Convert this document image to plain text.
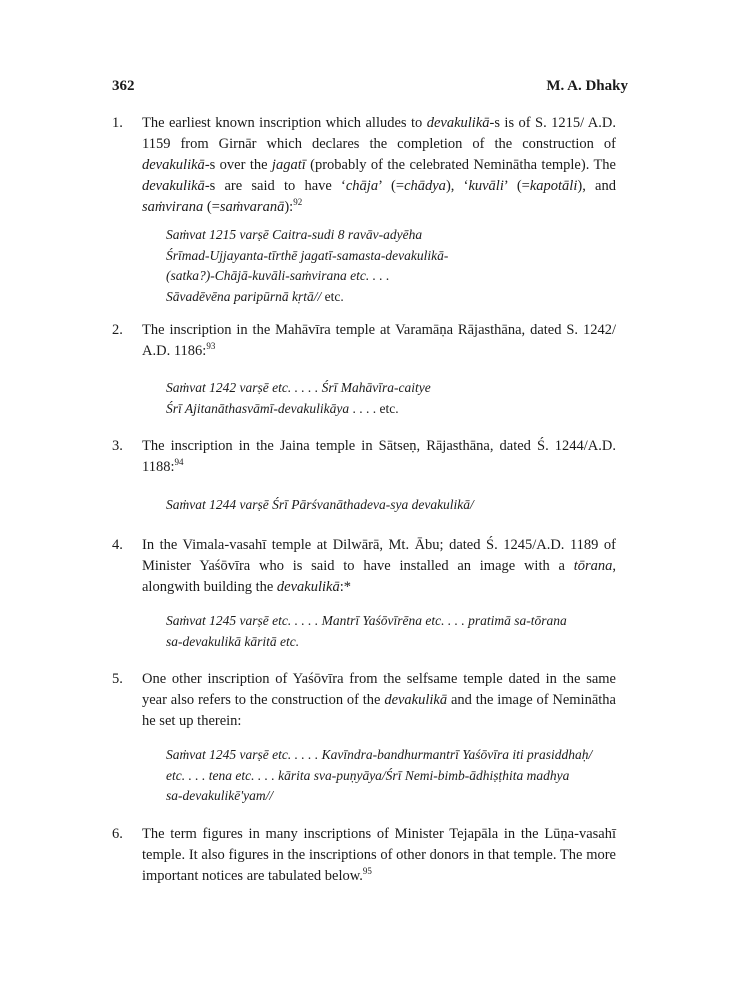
362	M. A. Dhaky
1. The earliest known inscription which alludes to devakulikā-s is of S. 1215/ A.D. 1159 from Girnār which declares the completion of the construction of devakulikā-s over the jagatī (probably of the celebrated Nemināthа temple). The devakulikā-s are said to have ‘chāja’ (=chādya), ‘kuvāli’ (=kapotāli), and saṁvirana (=saṁvaranā):$^{92}$
Saṁvat 1215 varṣē Caitra-sudi 8 ravāv-adyēha
Śrīmad-Ujjayanta-tīrthē jagatī-samasta-devakulikā-
(satka?)-Chājā-kuvāli-saṁvirana etc. . . .
Sāvadēvēna paripūrnā kṛtā// etc.
2. The inscription in the Mahāvīra temple at Varamāṇa Rājasthāna, dated S. 1242/ A.D. 1186:$^{93}$
Saṁvat 1242 varṣē etc. . . . . Śrī Mahāvīra-caitye
Śrī Ajitanāthasvāmī-devakulikāya . . . . etc.
3. The inscription in the Jaina temple in Sātseṇ, Rājasthāna, dated Ś. 1244/A.D. 1188:$^{94}$
Saṁvat 1244 varṣē Śrī Pārśvanāthadeva-sya devakulikā/
4. In the Vimala-vasahī temple at Dilwārā, Mt. Ābu; dated Ś. 1245/A.D. 1189 of Minister Yaśōvīra who is said to have installed an image with a tōrana, alongwith building the devakulikā:*
Saṁvat 1245 varṣē etc. . . . . Mantrī Yaśōvīrēna etc. . . . pratimā sa-tōrana
sa-devakulikā kāritā etc.
5. One other inscription of Yaśōvīra from the selfsame temple dated in the same year also refers to the construction of the devakulikā and the image of Nemināthа he set up therein:
Saṁvat 1245 varṣē etc. . . . . Kavīndra-bandhurmantrī Yaśōvīra iti prasiddhaḥ/
etc. . . . tena etc. . . . kārita sva-puṇyāya/Śrī Nemi-bimb-ādhiṣṭhita madhya
sa-devakulikē'yam//
6. The term figures in many inscriptions of Minister Tejapāla in the Lūṇa-vasahī temple. It also figures in the inscriptions of other donors in that temple. The more important notices are tabulated below.$^{95}$
